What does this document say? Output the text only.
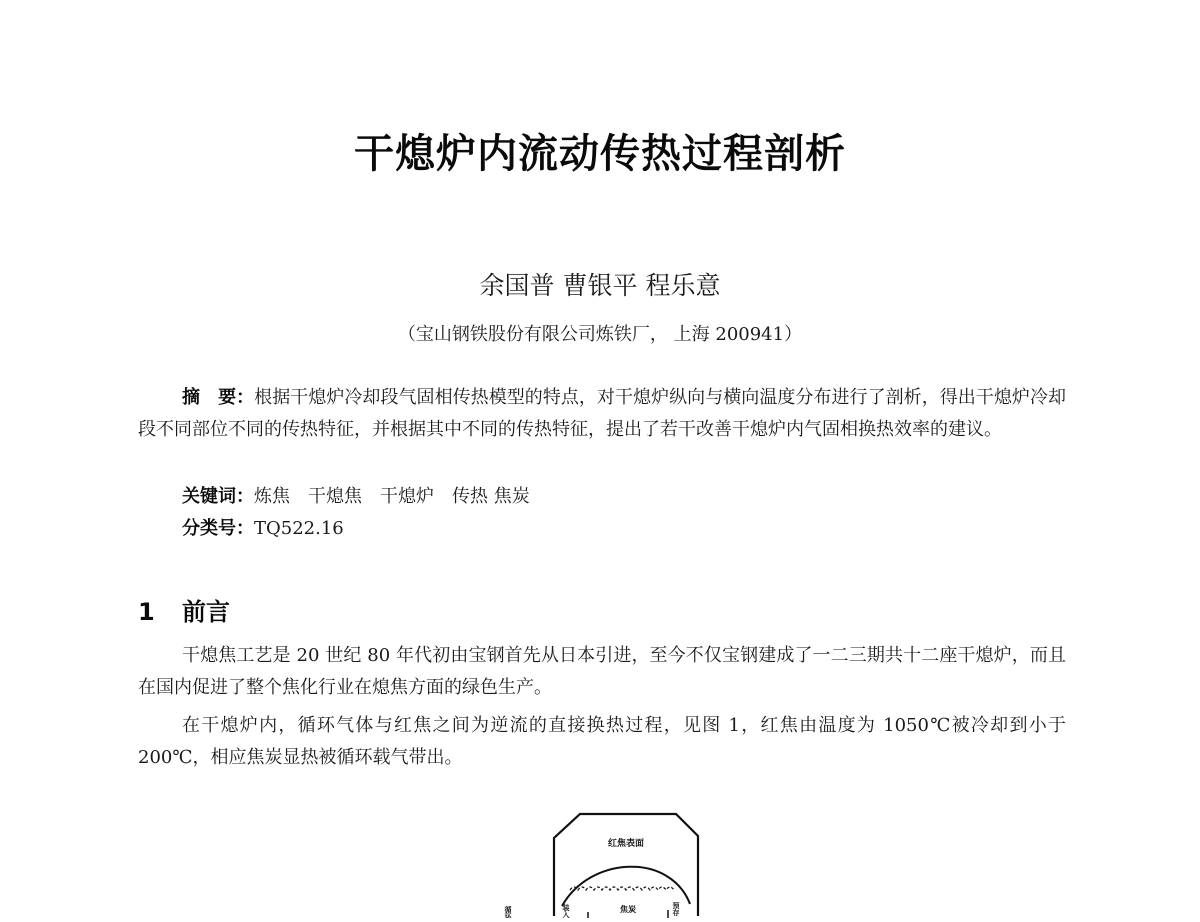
干熄炉内流动传热过程剖析
余国普 曹银平 程乐意
（宝山钢铁股份有限公司炼铁厂， 上海 200941）

摘　要：根据干熄炉冷却段气固相传热模型的特点，对干熄炉纵向与横向温度分布进行了剖析，得出干熄炉冷却段不同部位不同的传热特征，并根据其中不同的传热特征，提出了若干改善干熄炉内气固相换热效率的建议。

关键词：炼焦　干熄焦　干熄炉　传热 焦炭

分类号：TQ522.16

1 前言

干熄焦工艺是 20 世纪 80 年代初由宝钢首先从日本引进，至今不仅宝钢建成了一二三期共十二座干熄炉，而且在国内促进了整个焦化行业在熄焦方面的绿色生产。

在干熄炉内，循环气体与红焦之间为逆流的直接换热过程，见图 1，红焦由温度为 1050℃被冷却到小于 200℃，相应焦炭显热被循环载气带出。

红焦表面
焦炭
循环	装入	预存
